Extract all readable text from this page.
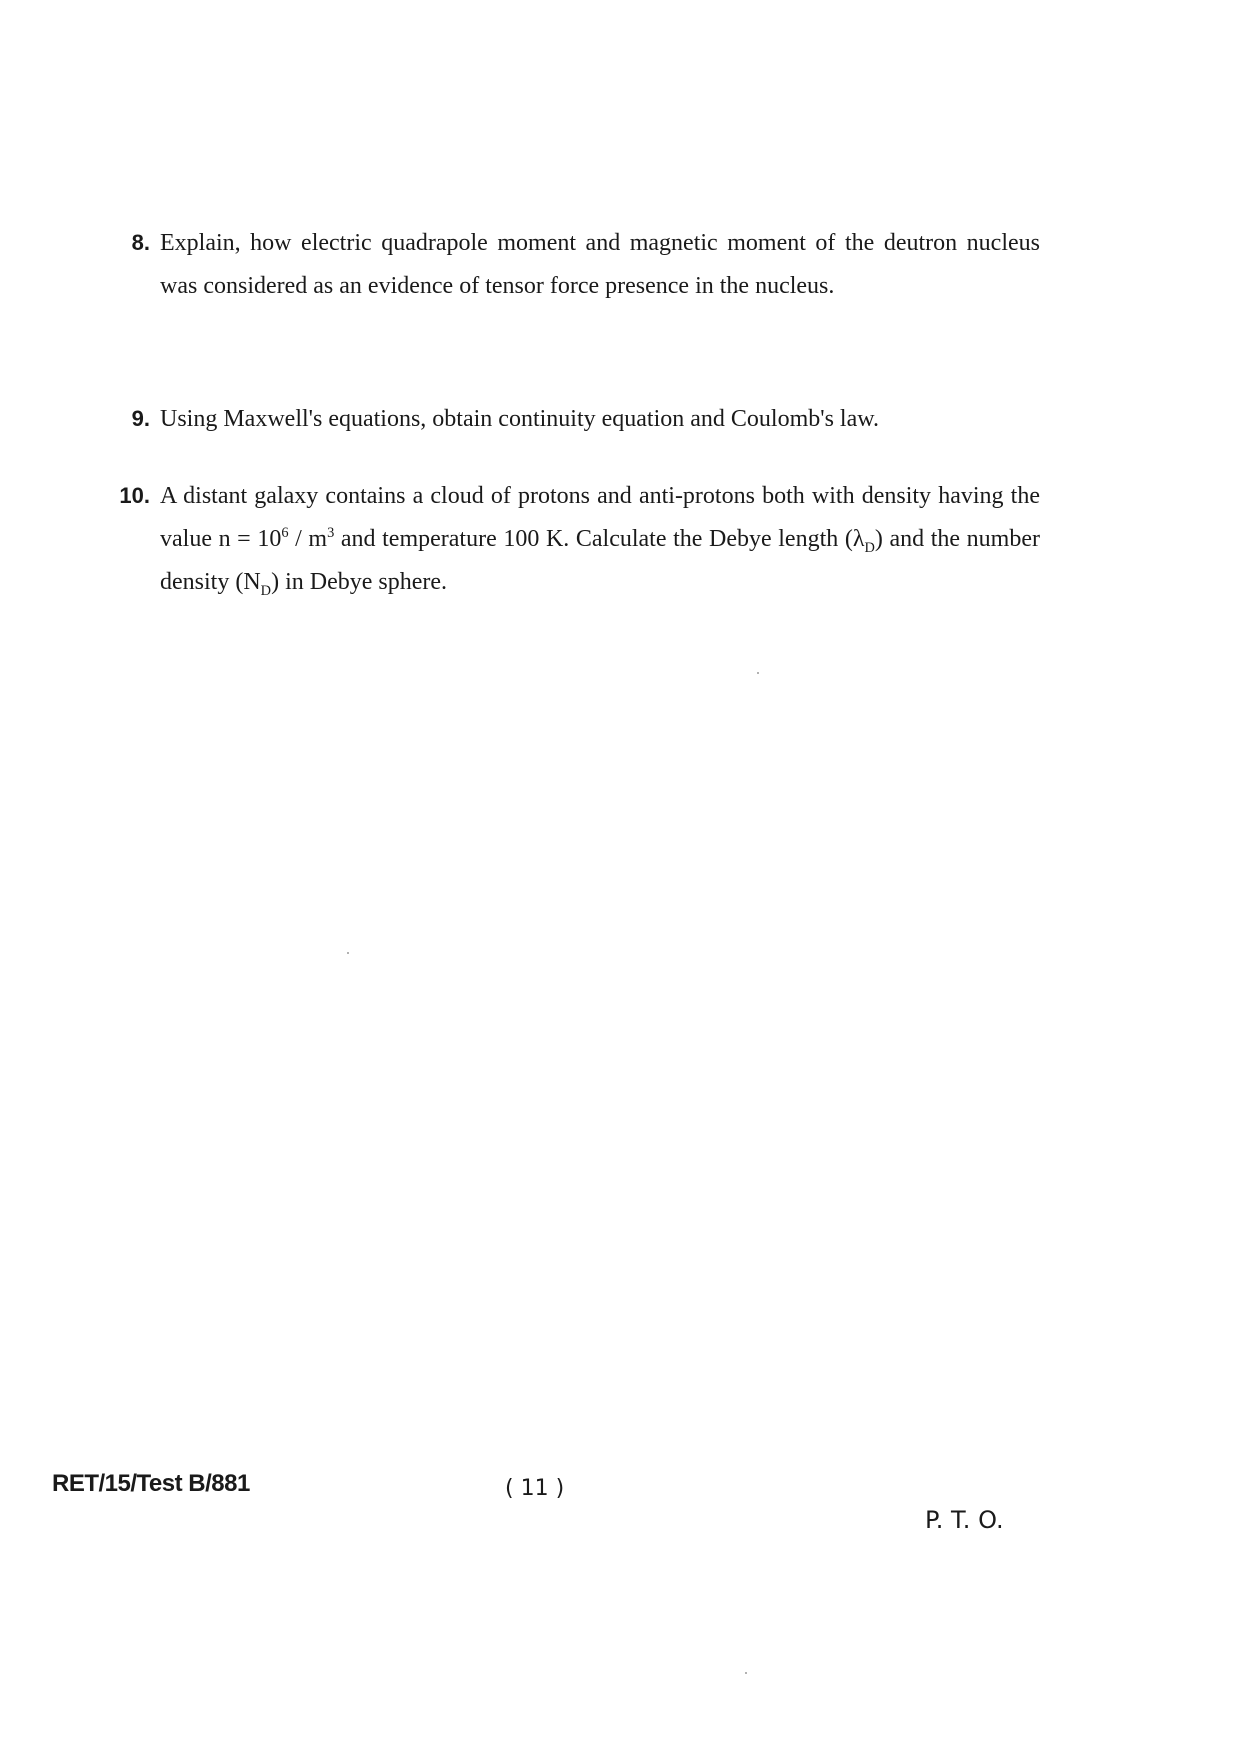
8. Explain, how electric quadrapole moment and magnetic moment of the deutron nucleus was considered as an evidence of tensor force presence in the nucleus.
9. Using Maxwell's equations, obtain continuity equation and Coulomb's law.
10. A distant galaxy contains a cloud of protons and anti-protons both with density having the value $n = 10^6 / m^3$ and temperature 100 K. Calculate the Debye length $(\lambda_D)$ and the number density $(N_D)$ in Debye sphere.
RET/15/Test B/881	( 11 )
P. T. O.
